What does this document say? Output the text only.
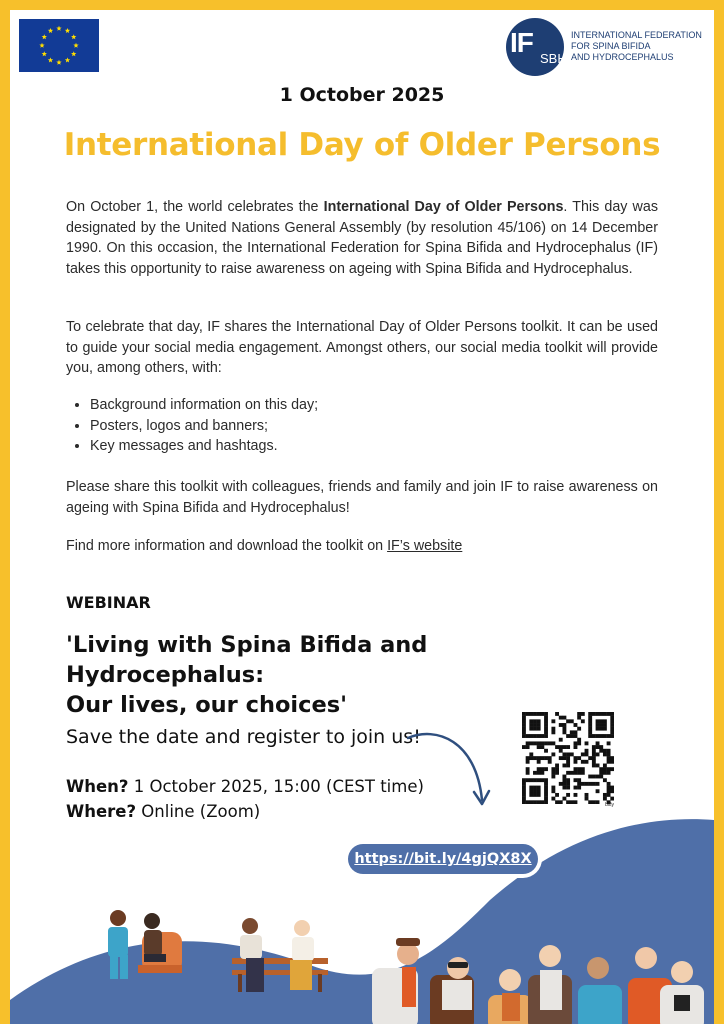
IF
SBH
INTERNATIONAL FEDERATION
FOR SPINA BIFIDA
AND HYDROCEPHALUS
1 October 2025
International Day of Older Persons
On October 1, the world celebrates the International Day of Older Persons. This day was designated by the United Nations General Assembly (by resolution 45/106) on 14 December 1990. On this occasion, the International Federation for Spina Bifida and Hydrocephalus (IF) takes this opportunity to raise awareness on ageing with Spina Bifida and Hydrocephalus.
To celebrate that day, IF shares the International Day of Older Persons toolkit. It can be used to guide your social media engagement. Amongst others, our social media toolkit will provide you, among others, with:
• Background information on this day;
• Posters, logos and banners;
• Key messages and hashtags.
Please share this toolkit with colleagues, friends and family and join IF to raise awareness on ageing with Spina Bifida and Hydrocephalus!
Find more information and download the toolkit on IF’s website
WEBINAR
'Living with Spina Bifida and Hydrocephalus:
Our lives, our choices'
Save the date and register to join us!
bitly
When? 1 October 2025, 15:00 (CEST time)
Where? Online (Zoom)
https://bit.ly/4gjQX8X
